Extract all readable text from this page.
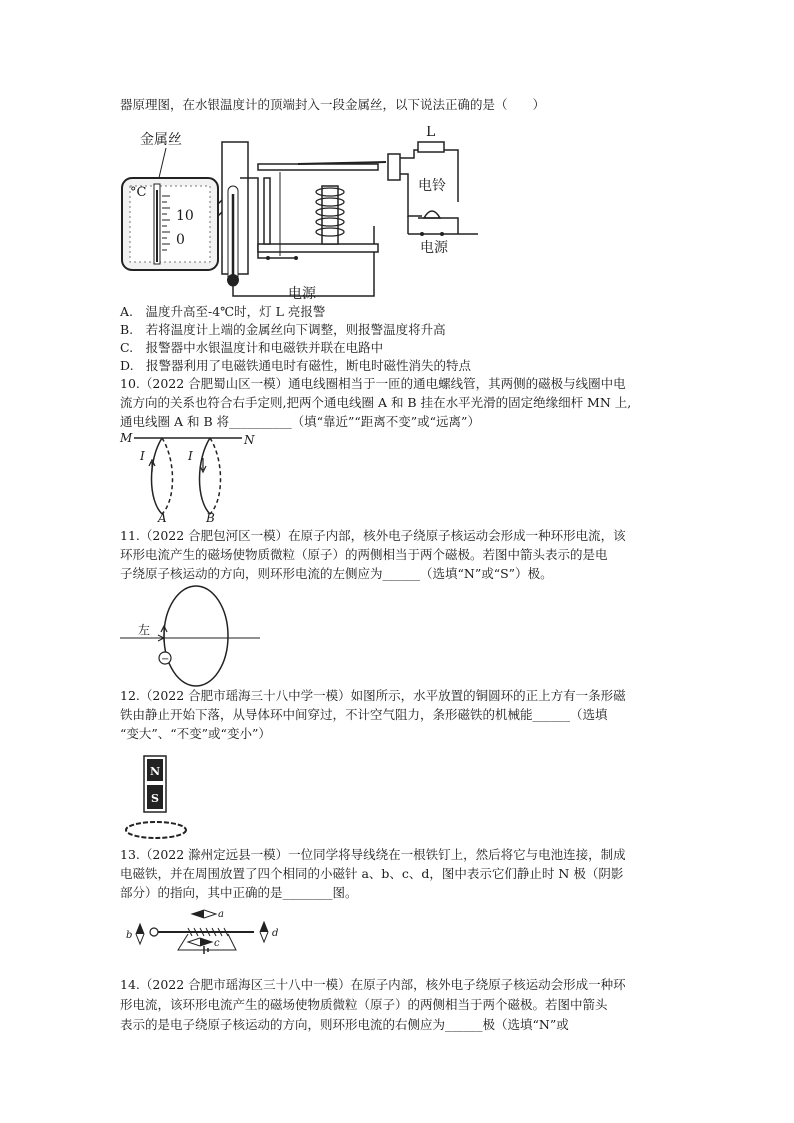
器原理图，在水银温度计的顶端封入一段金属丝，以下说法正确的是（　　）
金属丝
°C
10
0
L
电铃
电源
电源
A.　温度升高至-4℃时，灯 L 亮报警
B.　若将温度计上端的金属丝向下调整，则报警温度将升高
C.　报警器中水银温度计和电磁铁并联在电路中
D.　报警器利用了电磁铁通电时有磁性，断电时磁性消失的特点
10.（2022 合肥蜀山区一模）通电线圈相当于一匝的通电螺线管，其两侧的磁极与线圈中电
流方向的关系也符合右手定则,把两个通电线圈 A 和 B 挂在水平光滑的固定绝缘细杆 MN 上,
通电线圈 A 和 B 将__________（填“靠近”“距离不变”或“远离”）
M	N
I
A
I
B
11.（2022 合肥包河区一模）在原子内部，核外电子绕原子核运动会形成一种环形电流，该
环形电流产生的磁场使物质微粒（原子）的两侧相当于两个磁极。若图中箭头表示的是电
子绕原子核运动的方向，则环形电流的左侧应为______（选填“N”或“S”）极。
左
−
12.（2022 合肥市瑶海三十八中学一模）如图所示，水平放置的铜圆环的正上方有一条形磁
铁由静止开始下落，从导体环中间穿过，不计空气阻力，条形磁铁的机械能______（选填
“变大”、“不变”或“变小”）
N
S
13.（2022 滁州定远县一模）一位同学将导线绕在一根铁钉上，然后将它与电池连接，制成
电磁铁，并在周围放置了四个相同的小磁针 a、b、c、d，图中表示它们静止时 N 极（阴影
部分）的指向，其中正确的是________图。
a
b
c
d
14.（2022 合肥市瑶海区三十八中一模）在原子内部，核外电子绕原子核运动会形成一种环
形电流，该环形电流产生的磁场使物质微粒（原子）的两侧相当于两个磁极。若图中箭头
表示的是电子绕原子核运动的方向，则环形电流的右侧应为______极（选填“N”或
